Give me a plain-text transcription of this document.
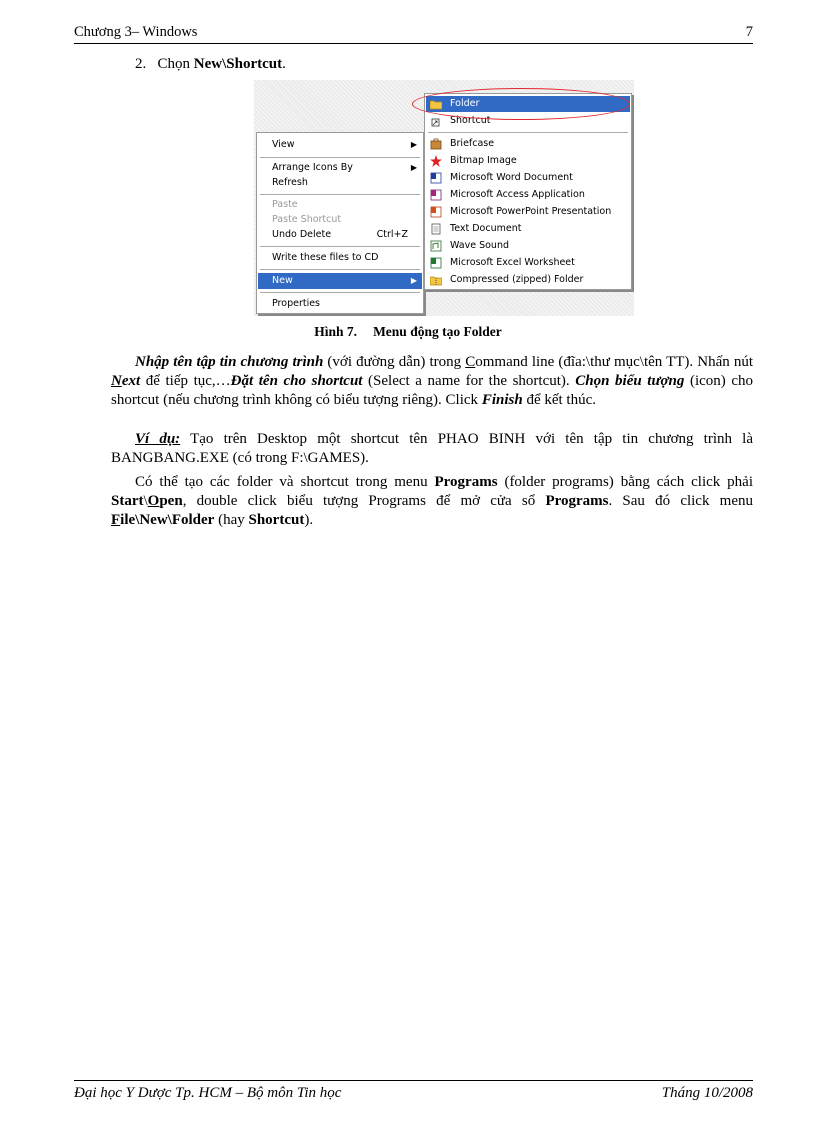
Chương 3– Windows	7
2. Chọn New\Shortcut.
View	▶
Arrange Icons By	▶
Refresh
Paste
Paste Shortcut
Undo Delete	Ctrl+Z
Write these files to CD
New	▶
Properties
Folder
Shortcut
Briefcase
Bitmap Image
Microsoft Word Document
Microsoft Access Application
Microsoft PowerPoint Presentation
Text Document
Wave Sound
Microsoft Excel Worksheet
Compressed (zipped) Folder
Hình 7. Menu động tạo Folder

Nhập tên tập tin chương trình (với đường dẫn) trong Command line (đĩa:\thư mục\tên TT). Nhấn nút Next để tiếp tục,…Đặt tên cho shortcut (Select a name for the shortcut). Chọn biểu tượng (icon) cho shortcut (nếu chương trình không có biểu tượng riêng). Click Finish để kết thúc.

Ví dụ: Tạo trên Desktop một shortcut tên PHAO BINH với tên tập tin chương trình là BANGBANG.EXE (có trong F:\GAMES).

Có thể tạo các folder và shortcut trong menu Programs (folder programs) bằng cách click phải Start\Open, double click biểu tượng Programs để mở cửa sổ Programs. Sau đó click menu File\New\Folder (hay Shortcut).

Đại học Y Dược Tp. HCM – Bộ môn Tin học	Tháng 10/2008
